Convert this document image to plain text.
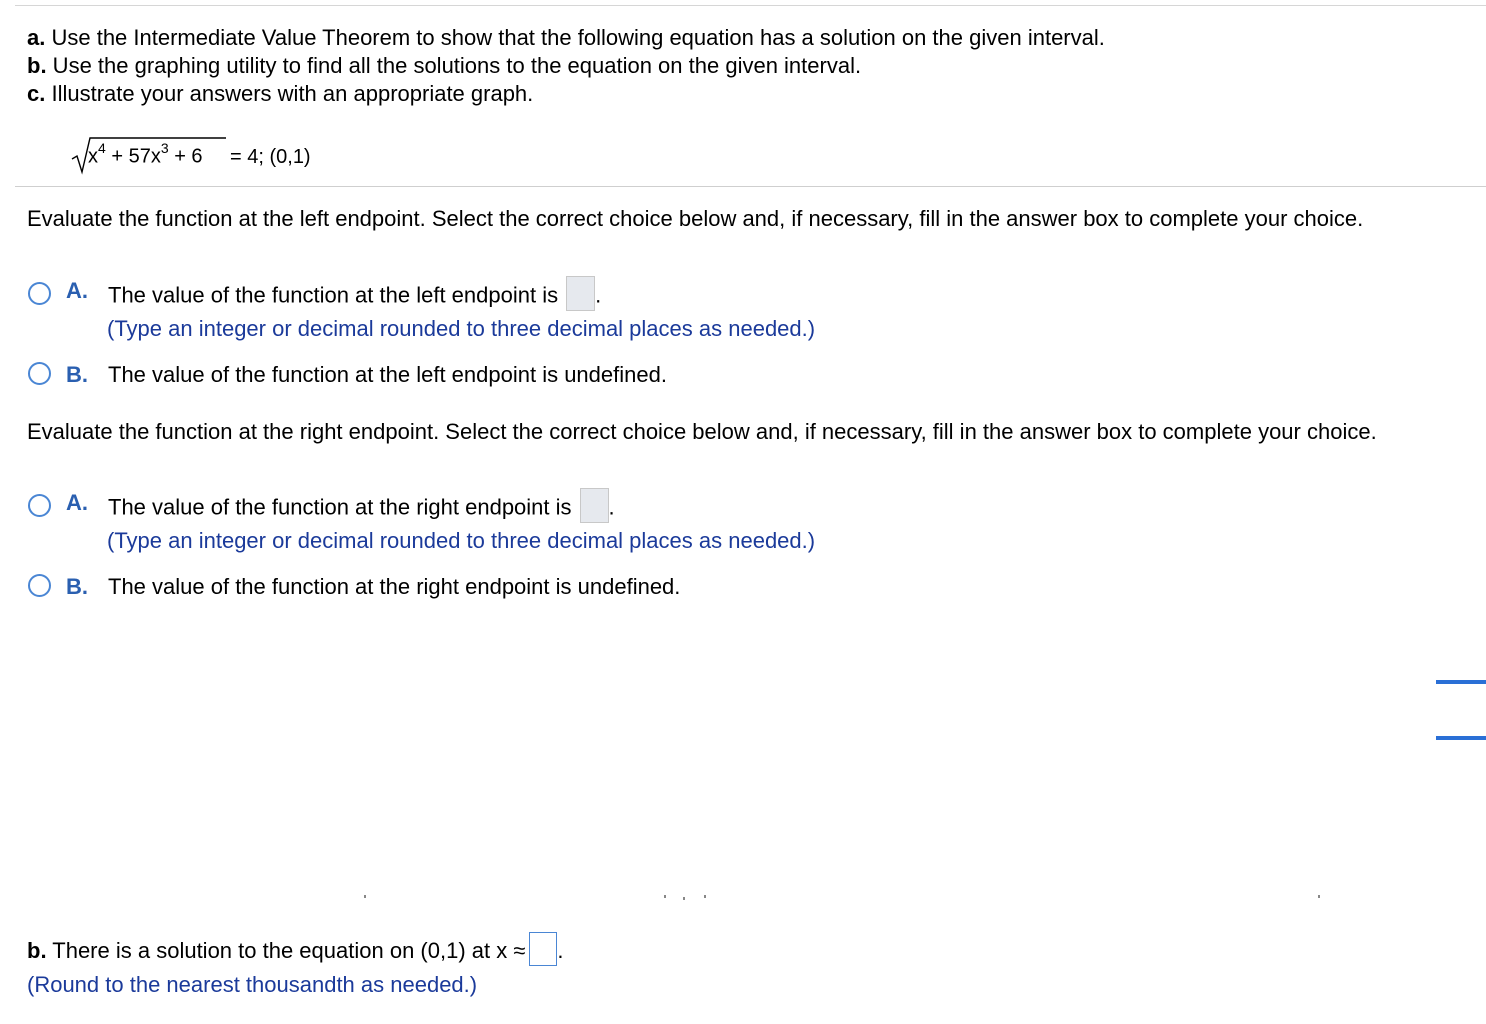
a. Use the Intermediate Value Theorem to show that the following equation has a solution on the given interval.
b. Use the graphing utility to find all the solutions to the equation on the given interval.
c. Illustrate your answers with an appropriate graph.
$x^4 + 57x^3 + 6 = 4$; (0,1)
Evaluate the function at the left endpoint. Select the correct choice below and, if necessary, fill in the answer box to complete your choice.
A. The value of the function at the left endpoint is .
(Type an integer or decimal rounded to three decimal places as needed.)
B. The value of the function at the left endpoint is undefined.
Evaluate the function at the right endpoint. Select the correct choice below and, if necessary, fill in the answer box to complete your choice.
A. The value of the function at the right endpoint is .
(Type an integer or decimal rounded to three decimal places as needed.)
B. The value of the function at the right endpoint is undefined.
b. There is a solution to the equation on (0,1) at x ≈ .
(Round to the nearest thousandth as needed.)
